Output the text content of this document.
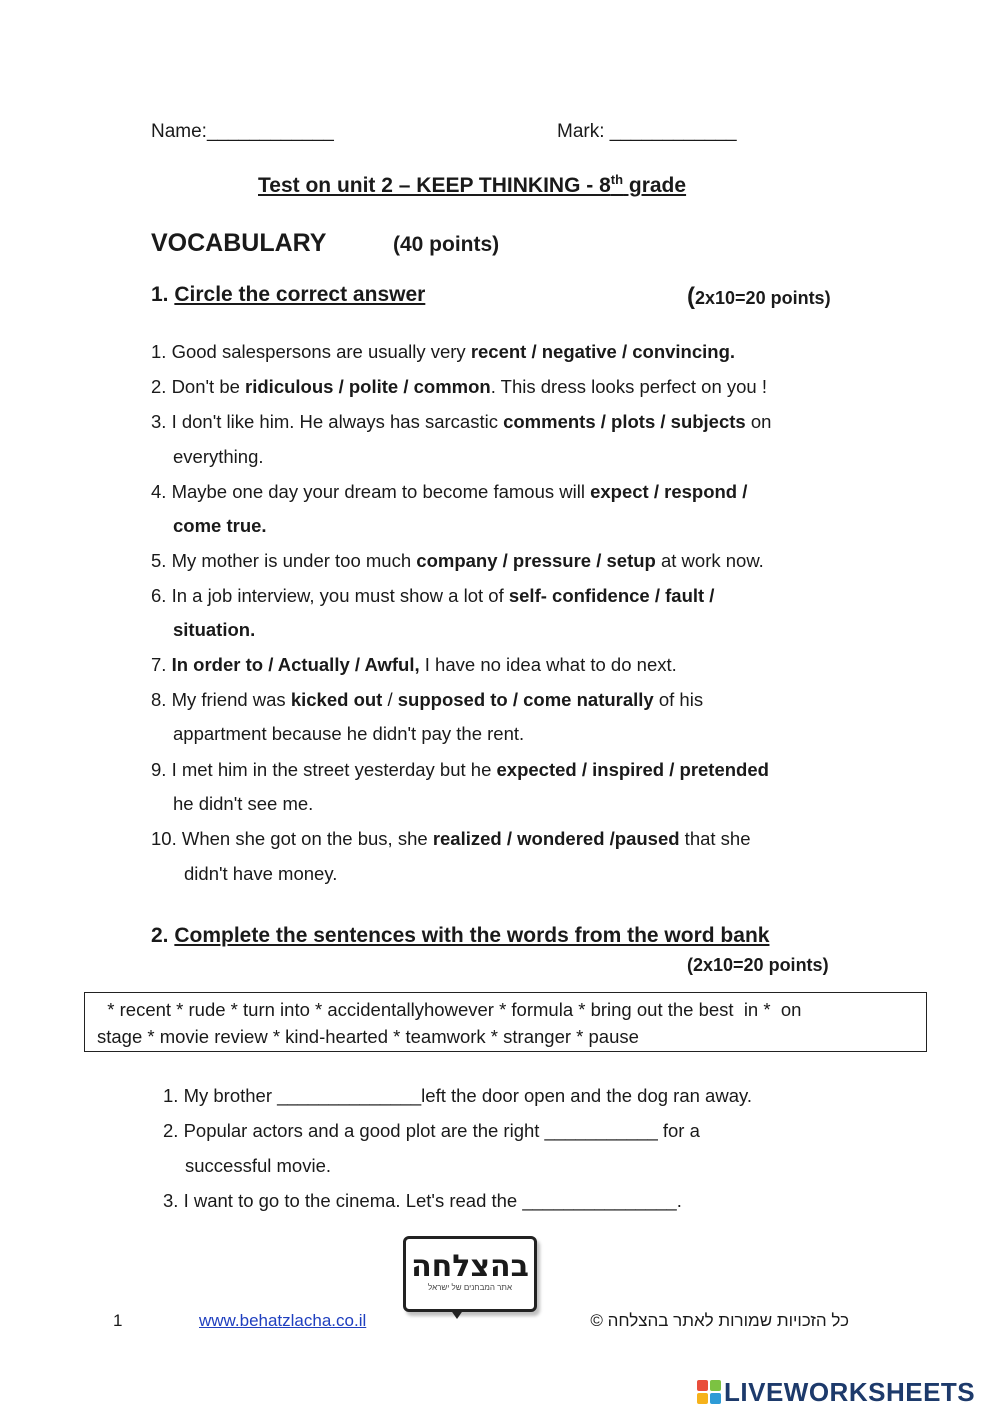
Name:____________	Mark: ____________
Test on unit 2 – KEEP THINKING - 8th grade
VOCABULARY	(40 points)
1. Circle the correct answer	(2x10=20 points)
1. Good salespersons are usually very recent / negative / convincing.
2. Don't be ridiculous / polite / common. This dress looks perfect on you !
3. I don't like him. He always has sarcastic comments / plots / subjects on
everything.
4. Maybe one day your dream to become famous will expect / respond /
come true.
5. My mother is under too much company / pressure / setup at work now.
6. In a job interview, you must show a lot of self- confidence / fault /
situation.
7. In order to / Actually / Awful, I have no idea what to do next.
8. My friend was kicked out / supposed to / come naturally of his
appartment because he didn't pay the rent.
9. I met him in the street yesterday but he expected / inspired / pretended
he didn't see me.
10. When she got on the bus, she realized / wondered /paused that she
didn't have money.
2. Complete the sentences with the words from the word bank
(2x10=20 points)
* recent * rude * turn into * accidentallyhowever * formula * bring out the best  in *  on
stage * movie review * kind-hearted * teamwork * stranger * pause
1. My brother ______________left the door open and the dog ran away.
2. Popular actors and a good plot are the right ___________ for a
successful movie.
3. I want to go to the cinema. Let's read the _______________.
בהצלחה
אתר המבחנים של ישראל
1	www.behatzlacha.co.il	כל הזכויות שמורות לאתר בהצלחה ©
LIVEWORKSHEETS
